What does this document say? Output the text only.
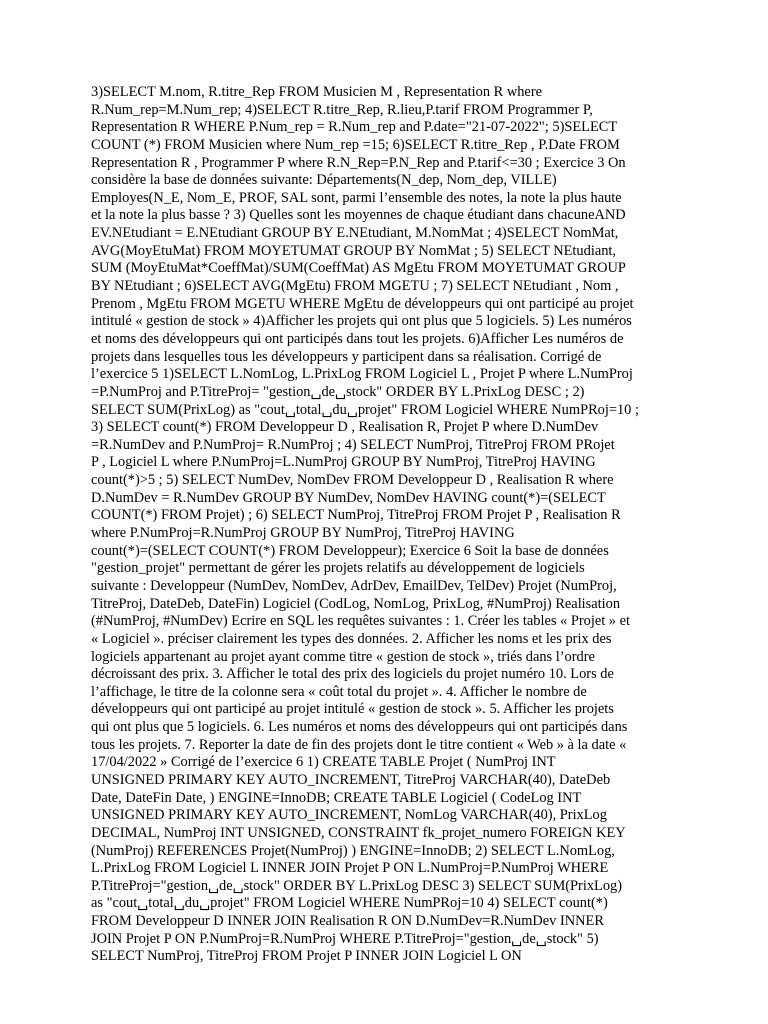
3)SELECT M.nom, R.titre_Rep FROM Musicien M , Representation R where
R.Num_rep=M.Num_rep; 4)SELECT R.titre_Rep, R.lieu,P.tarif FROM Programmer P,
Representation R WHERE P.Num_rep = R.Num_rep and P.date="21-07-2022"; 5)SELECT
COUNT (*) FROM Musicien where Num_rep =15; 6)SELECT R.titre_Rep , P.Date FROM
Representation R , Programmer P where R.N_Rep=P.N_Rep and P.tarif<=30 ; Exercice 3 On
considère la base de données suivante: Départements(N_dep, Nom_dep, VILLE)
Employes(N_E, Nom_E, PROF, SAL sont, parmi l’ensemble des notes, la note la plus haute
et la note la plus basse ? 3) Quelles sont les moyennes de chaque étudiant dans chacuneAND
EV.NEtudiant = E.NEtudiant GROUP BY E.NEtudiant, M.NomMat ; 4)SELECT NomMat,
AVG(MoyEtuMat) FROM MOYETUMAT GROUP BY NomMat ; 5) SELECT NEtudiant,
SUM (MoyEtuMat*CoeffMat)/SUM(CoeffMat) AS MgEtu FROM MOYETUMAT GROUP
BY NEtudiant ; 6)SELECT AVG(MgEtu) FROM MGETU ; 7) SELECT NEtudiant , Nom ,
Prenom , MgEtu FROM MGETU WHERE MgEtu de développeurs qui ont participé au projet
intitulé « gestion de stock » 4)Afficher les projets qui ont plus que 5 logiciels. 5) Les numéros
et noms des développeurs qui ont participés dans tout les projets. 6)Afficher Les numéros de
projets dans lesquelles tous les développeurs y participent dans sa réalisation. Corrigé de
l’exercice 5 1)SELECT L.NomLog, L.PrixLog FROM Logiciel L , Projet P where L.NumProj
=P.NumProj and P.TitreProj= "gestion␣de␣stock" ORDER BY L.PrixLog DESC ; 2)
SELECT SUM(PrixLog) as "cout␣total␣du␣projet" FROM Logiciel WHERE NumPRoj=10 ;
3) SELECT count(*) FROM Developpeur D , Realisation R, Projet P where D.NumDev
=R.NumDev and P.NumProj= R.NumProj ; 4) SELECT NumProj, TitreProj FROM PRojet
P , Logiciel L where P.NumProj=L.NumProj GROUP BY NumProj, TitreProj HAVING
count(*)>5 ; 5) SELECT NumDev, NomDev FROM Developpeur D , Realisation R where
D.NumDev = R.NumDev GROUP BY NumDev, NomDev HAVING count(*)=(SELECT
COUNT(*) FROM Projet) ; 6) SELECT NumProj, TitreProj FROM Projet P , Realisation R
where P.NumProj=R.NumProj GROUP BY NumProj, TitreProj HAVING
count(*)=(SELECT COUNT(*) FROM Developpeur); Exercice 6 Soit la base de données
"gestion_projet" permettant de gérer les projets relatifs au développement de logiciels
suivante : Developpeur (NumDev, NomDev, AdrDev, EmailDev, TelDev) Projet (NumProj,
TitreProj, DateDeb, DateFin) Logiciel (CodLog, NomLog, PrixLog, #NumProj) Realisation
(#NumProj, #NumDev) Ecrire en SQL les requêtes suivantes : 1. Créer les tables « Projet » et
« Logiciel ». préciser clairement les types des données. 2. Afficher les noms et les prix des
logiciels appartenant au projet ayant comme titre « gestion de stock », triés dans l’ordre
décroissant des prix. 3. Afficher le total des prix des logiciels du projet numéro 10. Lors de
l’affichage, le titre de la colonne sera « coût total du projet ». 4. Afficher le nombre de
développeurs qui ont participé au projet intitulé « gestion de stock ». 5. Afficher les projets
qui ont plus que 5 logiciels. 6. Les numéros et noms des développeurs qui ont participés dans
tous les projets. 7. Reporter la date de fin des projets dont le titre contient « Web » à la date «
17/04/2022 » Corrigé de l’exercice 6 1) CREATE TABLE Projet ( NumProj INT
UNSIGNED PRIMARY KEY AUTO_INCREMENT, TitreProj VARCHAR(40), DateDeb
Date, DateFin Date, ) ENGINE=InnoDB; CREATE TABLE Logiciel ( CodeLog INT
UNSIGNED PRIMARY KEY AUTO_INCREMENT, NomLog VARCHAR(40), PrixLog
DECIMAL, NumProj INT UNSIGNED, CONSTRAINT fk_projet_numero FOREIGN KEY
(NumProj) REFERENCES Projet(NumProj) ) ENGINE=InnoDB; 2) SELECT L.NomLog,
L.PrixLog FROM Logiciel L INNER JOIN Projet P ON L.NumProj=P.NumProj WHERE
P.TitreProj="gestion␣de␣stock" ORDER BY L.PrixLog DESC 3) SELECT SUM(PrixLog)
as "cout␣total␣du␣projet" FROM Logiciel WHERE NumPRoj=10 4) SELECT count(*)
FROM Developpeur D INNER JOIN Realisation R ON D.NumDev=R.NumDev INNER
JOIN Projet P ON P.NumProj=R.NumProj WHERE P.TitreProj="gestion␣de␣stock" 5)
SELECT NumProj, TitreProj FROM Projet P INNER JOIN Logiciel L ON
